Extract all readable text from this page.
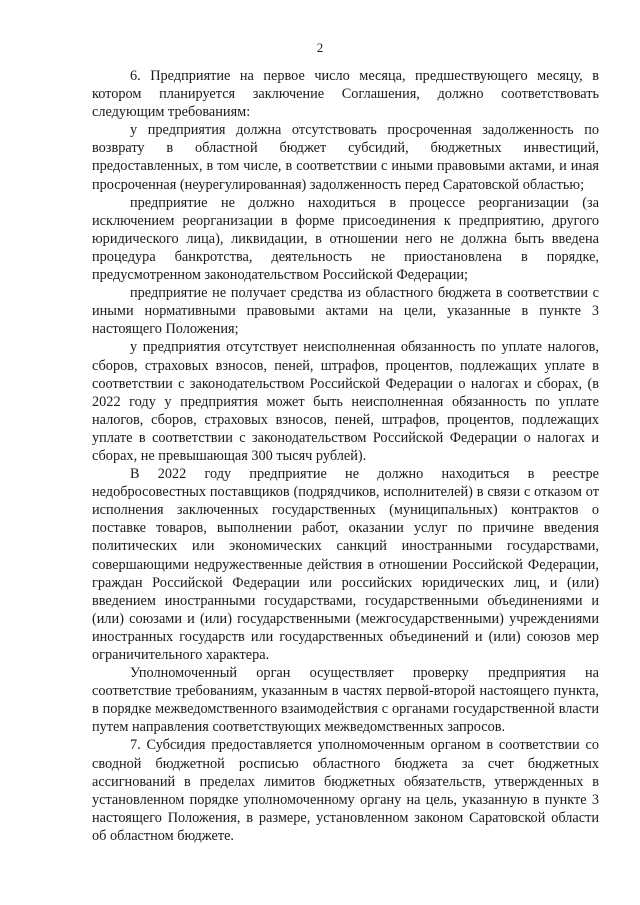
2

6. Предприятие на первое число месяца, предшествующего месяцу, в котором планируется заключение Соглашения, должно соответствовать следующим требованиям:

у предприятия должна отсутствовать просроченная задолженность по возврату в областной бюджет субсидий, бюджетных инвестиций, предоставленных, в том числе, в соответствии с иными правовыми актами, и иная просроченная (неурегулированная) задолженность перед Саратовской областью;

предприятие не должно находиться в процессе реорганизации (за исключением реорганизации в форме присоединения к предприятию, другого юридического лица), ликвидации, в отношении него не должна быть введена процедура банкротства, деятельность не приостановлена в порядке, предусмотренном законодательством Российской Федерации;

предприятие не получает средства из областного бюджета в соответствии с иными нормативными правовыми актами на цели, указанные в пункте 3 настоящего Положения;

у предприятия отсутствует неисполненная обязанность по уплате налогов, сборов, страховых взносов, пеней, штрафов, процентов, подлежащих уплате в соответствии с законодательством Российской Федерации о налогах и сборах, (в 2022 году у предприятия может быть неисполненная обязанность по уплате налогов, сборов, страховых взносов, пеней, штрафов, процентов, подлежащих уплате в соответствии с законодательством Российской Федерации о налогах и сборах, не превышающая 300 тысяч рублей).

В 2022 году предприятие не должно находиться в реестре недобросовестных поставщиков (подрядчиков, исполнителей) в связи с отказом от исполнения заключенных государственных (муниципальных) контрактов о поставке товаров, выполнении работ, оказании услуг по причине введения политических или экономических санкций иностранными государствами, совершающими недружественные действия в отношении Российской Федерации, граждан Российской Федерации или российских юридических лиц, и (или) введением иностранными государствами, государственными объединениями и (или) союзами и (или) государственными (межгосударственными) учреждениями иностранных государств или государственных объединений и (или) союзов мер ограничительного характера.

Уполномоченный орган осуществляет проверку предприятия на соответствие требованиям, указанным в частях первой-второй настоящего пункта, в порядке межведомственного взаимодействия с органами государственной власти путем направления соответствующих межведомственных запросов.

7. Субсидия предоставляется уполномоченным органом в соответствии со сводной бюджетной росписью областного бюджета за счет бюджетных ассигнований в пределах лимитов бюджетных обязательств, утвержденных в установленном порядке уполномоченному органу на цель, указанную в пункте 3 настоящего Положения, в размере, установленном законом Саратовской области об областном бюджете.
